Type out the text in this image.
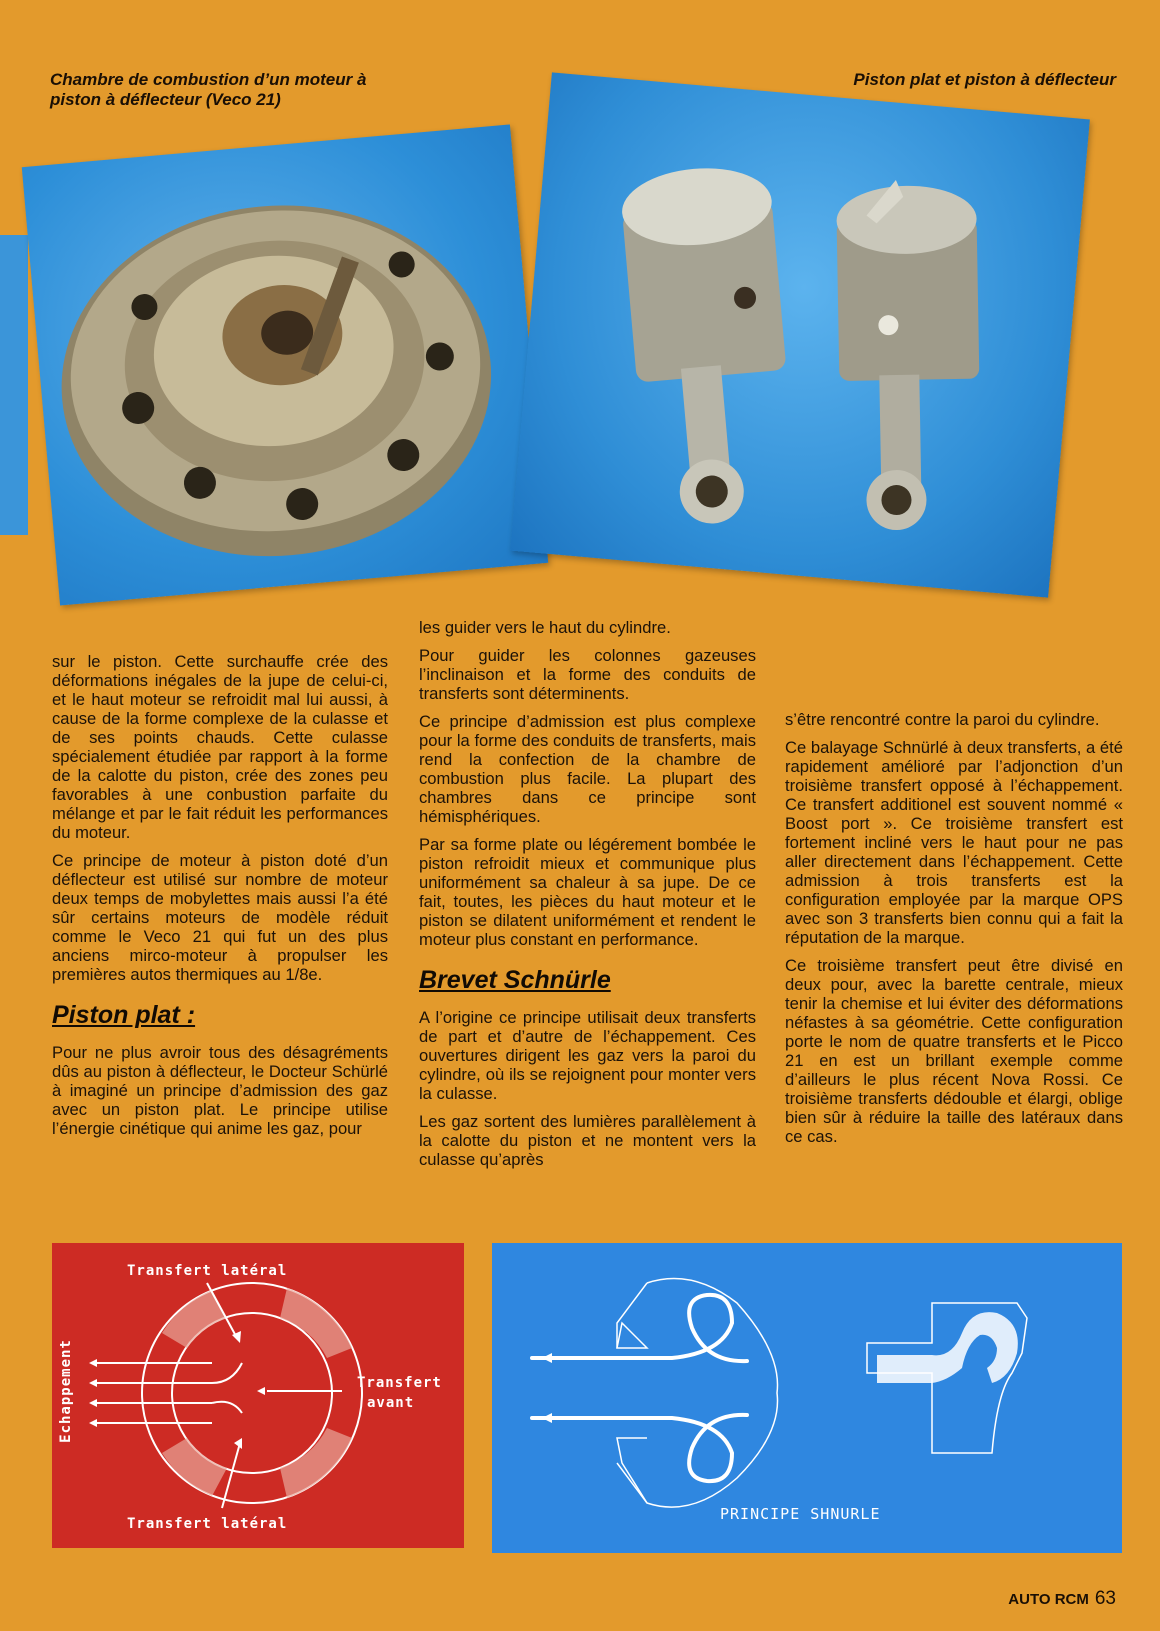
Chambre de combustion d’un moteur à piston à déflecteur (Veco 21)
Piston plat et piston à déflecteur

sur le piston. Cette surchauffe crée des déformations inégales de la jupe de celui-ci, et le haut moteur se refroidit mal lui aussi, à cause de la forme complexe de la culasse et de ses points chauds. Cette culasse spécialement étudiée par rapport à la forme de la calotte du piston, crée des zones peu favorables à une conbustion parfaite du mélange et par le fait réduit les performances du moteur.

Ce principe de moteur à piston doté d’un déflecteur est utilisé sur nombre de moteur deux temps de mobylettes mais aussi l’a été sûr certains moteurs de modèle réduit comme le Veco 21 qui fut un des plus anciens mirco-moteur à propulser les premières autos thermiques au 1/8e.

Piston plat :

Pour ne plus avroir tous des désagréments dûs au piston à déflecteur, le Docteur Schürlé à imaginé un principe d’admission des gaz avec un piston plat. Le principe utilise l’énergie cinétique qui anime les gaz, pour

les guider vers le haut du cylindre.

Pour guider les colonnes gazeuses l’inclinaison et la forme des conduits de transferts sont déterminents.

Ce principe d’admission est plus complexe pour la forme des conduits de transferts, mais rend la confection de la chambre de combustion plus facile. La plupart des chambres dans ce principe sont hémisphériques.

Par sa forme plate ou légérement bombée le piston refroidit mieux et communique plus uniformément sa chaleur à sa jupe. De ce fait, toutes, les pièces du haut moteur et le piston se dilatent uniformément et rendent le moteur plus constant en performance.

Brevet Schnürle

A l’origine ce principe utilisait deux transferts de part et d’autre de l’échappement. Ces ouvertures dirigent les gaz vers la paroi du cylindre, où ils se rejoignent pour monter vers la culasse.

Les gaz sortent des lumières parallèlement à la calotte du piston et ne montent vers la culasse qu’après

s’être rencontré contre la paroi du cylindre.

Ce balayage Schnürlé à deux transferts, a été rapidement amélioré par l’adjonction d’un troisième transfert opposé à l’échappement. Ce transfert additionel est souvent nommé « Boost port ». Ce troisième transfert est fortement incliné vers le haut pour ne pas aller directement dans l’échappement. Cette admission à trois transferts est la configuration employée par la marque OPS avec son 3 transferts bien connu qui a fait la réputation de la marque.

Ce troisième transfert peut être divisé en deux pour, avec la barette centrale, mieux tenir la chemise et lui éviter des déformations néfastes à sa géométrie. Cette configuration porte le nom de quatre transferts et le Picco 21 en est un brillant exemple comme d’ailleurs le plus récent Nova Rossi. Ce troisième transferts dédouble et élargi, oblige bien sûr à réduire la taille des latéraux dans ce cas.

Transfert latéral
Transfert latéral
Echappement	Transfert
avant
PRINCIPE SHNURLE
AUTO RCM 63
